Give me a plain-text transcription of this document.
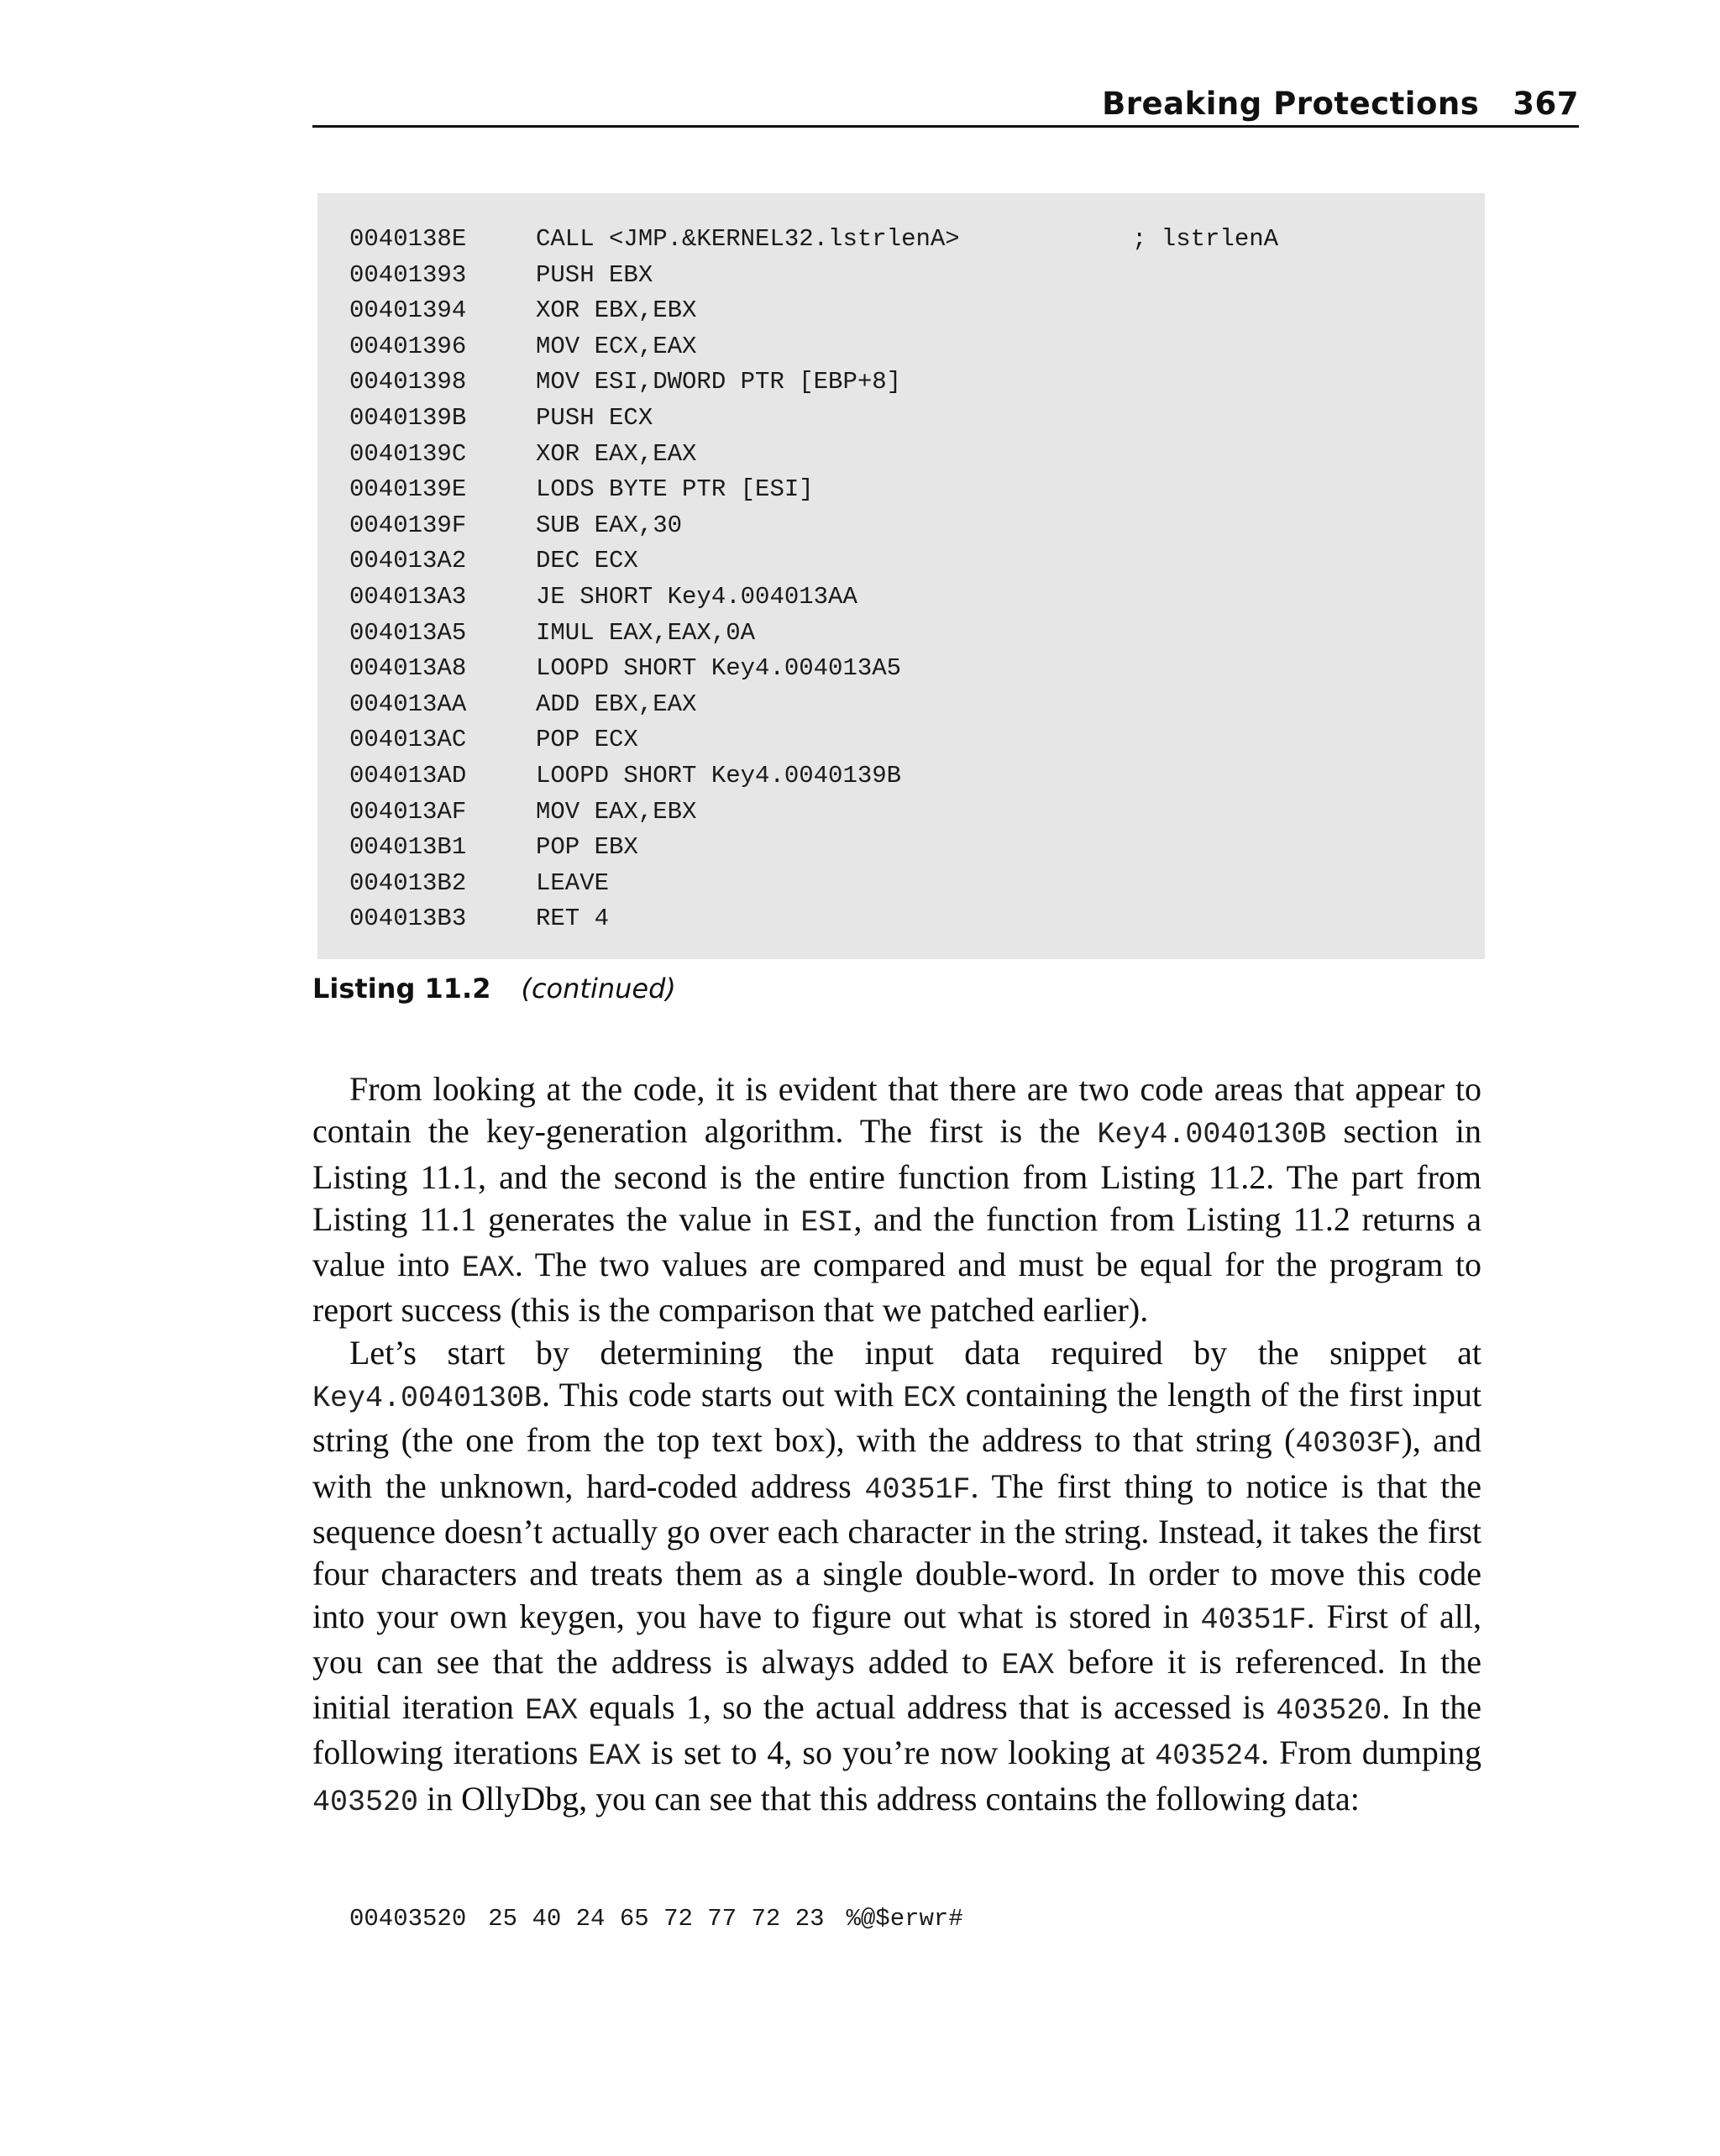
Breaking Protections 367
0040138E	CALL <JMP.&KERNEL32.lstrlenA>	; lstrlenA
00401393	PUSH EBX
00401394	XOR EBX,EBX
00401396	MOV ECX,EAX
00401398	MOV ESI,DWORD PTR [EBP+8]
0040139B	PUSH ECX
0040139C	XOR EAX,EAX
0040139E	LODS BYTE PTR [ESI]
0040139F	SUB EAX,30
004013A2	DEC ECX
004013A3	JE SHORT Key4.004013AA
004013A5	IMUL EAX,EAX,0A
004013A8	LOOPD SHORT Key4.004013A5
004013AA	ADD EBX,EAX
004013AC	POP ECX
004013AD	LOOPD SHORT Key4.0040139B
004013AF	MOV EAX,EBX
004013B1	POP EBX
004013B2	LEAVE
004013B3	RET 4
Listing 11.2 (continued)

From looking at the code, it is evident that there are two code areas that appear to contain the key-generation algorithm. The first is the Key4.0040130B section in Listing 11.1, and the second is the entire function from Listing 11.2. The part from Listing 11.1 generates the value in ESI, and the function from Listing 11.2 returns a value into EAX. The two values are compared and must be equal for the program to report success (this is the comparison that we patched earlier).

Let’s start by determining the input data required by the snippet at Key4.0040130B. This code starts out with ECX containing the length of the first input string (the one from the top text box), with the address to that string (40303F), and with the unknown, hard-coded address 40351F. The first thing to notice is that the sequence doesn’t actually go over each character in the string. Instead, it takes the first four characters and treats them as a single double-word. In order to move this code into your own keygen, you have to figure out what is stored in 40351F. First of all, you can see that the address is always added to EAX before it is referenced. In the initial iteration EAX equals 1, so the actual address that is accessed is 403520. In the following iterations EAX is set to 4, so you’re now looking at 403524. From dumping 403520 in OllyDbg, you can see that this address contains the following data:

00403520 25 40 24 65 72 77 72 23 %@$erwr#
